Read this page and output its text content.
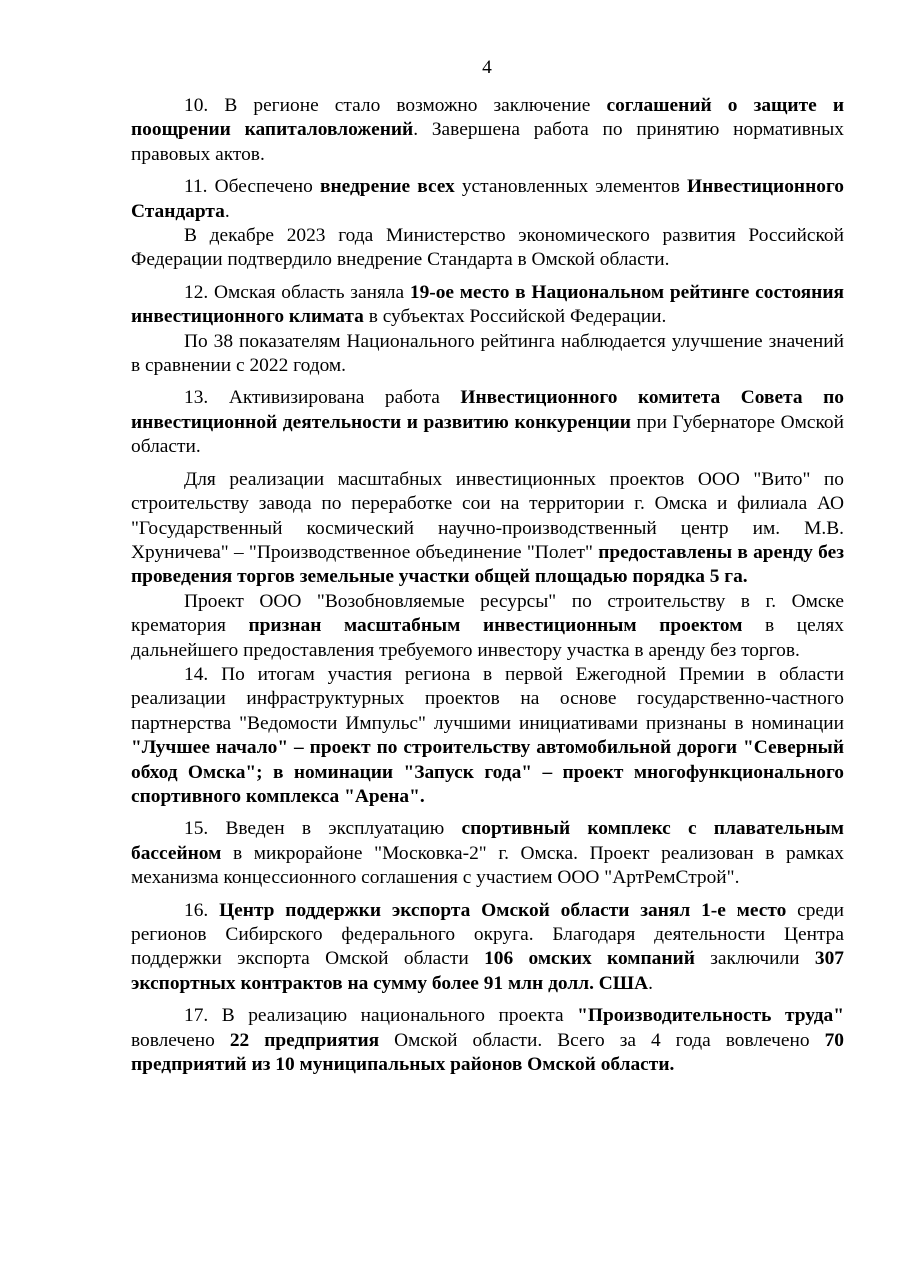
4

10. В регионе стало возможно заключение соглашений о защите и поощрении капиталовложений. Завершена работа по принятию нормативных правовых актов.

11. Обеспечено внедрение всех установленных элементов Инвестиционного Стандарта.

В декабре 2023 года Министерство экономического развития Российской Федерации подтвердило внедрение Стандарта в Омской области.

12. Омская область заняла 19-ое место в Национальном рейтинге состояния инвестиционного климата в субъектах Российской Федерации.

По 38 показателям Национального рейтинга наблюдается улучшение значений в сравнении с 2022 годом.

13. Активизирована работа Инвестиционного комитета Совета по инвестиционной деятельности и развитию конкуренции при Губернаторе Омской области.

Для реализации масштабных инвестиционных проектов ООО "Вито" по строительству завода по переработке сои на территории г. Омска и филиала АО "Государственный космический научно-производственный центр им. М.В. Хруничева" – "Производственное объединение "Полет" предоставлены в аренду без проведения торгов земельные участки общей площадью порядка 5 га.

Проект ООО "Возобновляемые ресурсы" по строительству в г. Омске крематория признан масштабным инвестиционным проектом в целях дальнейшего предоставления требуемого инвестору участка в аренду без торгов.

14. По итогам участия региона в первой Ежегодной Премии в области реализации инфраструктурных проектов на основе государственно-частного партнерства "Ведомости Импульс" лучшими инициативами признаны в номинации "Лучшее начало" – проект по строительству автомобильной дороги "Северный обход Омска"; в номинации "Запуск года" – проект многофункционального спортивного комплекса "Арена".

15. Введен в эксплуатацию спортивный комплекс с плавательным бассейном в микрорайоне "Московка-2" г. Омска. Проект реализован в рамках механизма концессионного соглашения с участием ООО "АртРемСтрой".

16. Центр поддержки экспорта Омской области занял 1-е место среди регионов Сибирского федерального округа. Благодаря деятельности Центра поддержки экспорта Омской области 106 омских компаний заключили 307 экспортных контрактов на сумму более 91 млн долл. США.

17. В реализацию национального проекта "Производительность труда" вовлечено 22 предприятия Омской области. Всего за 4 года вовлечено 70 предприятий из 10 муниципальных районов Омской области.
